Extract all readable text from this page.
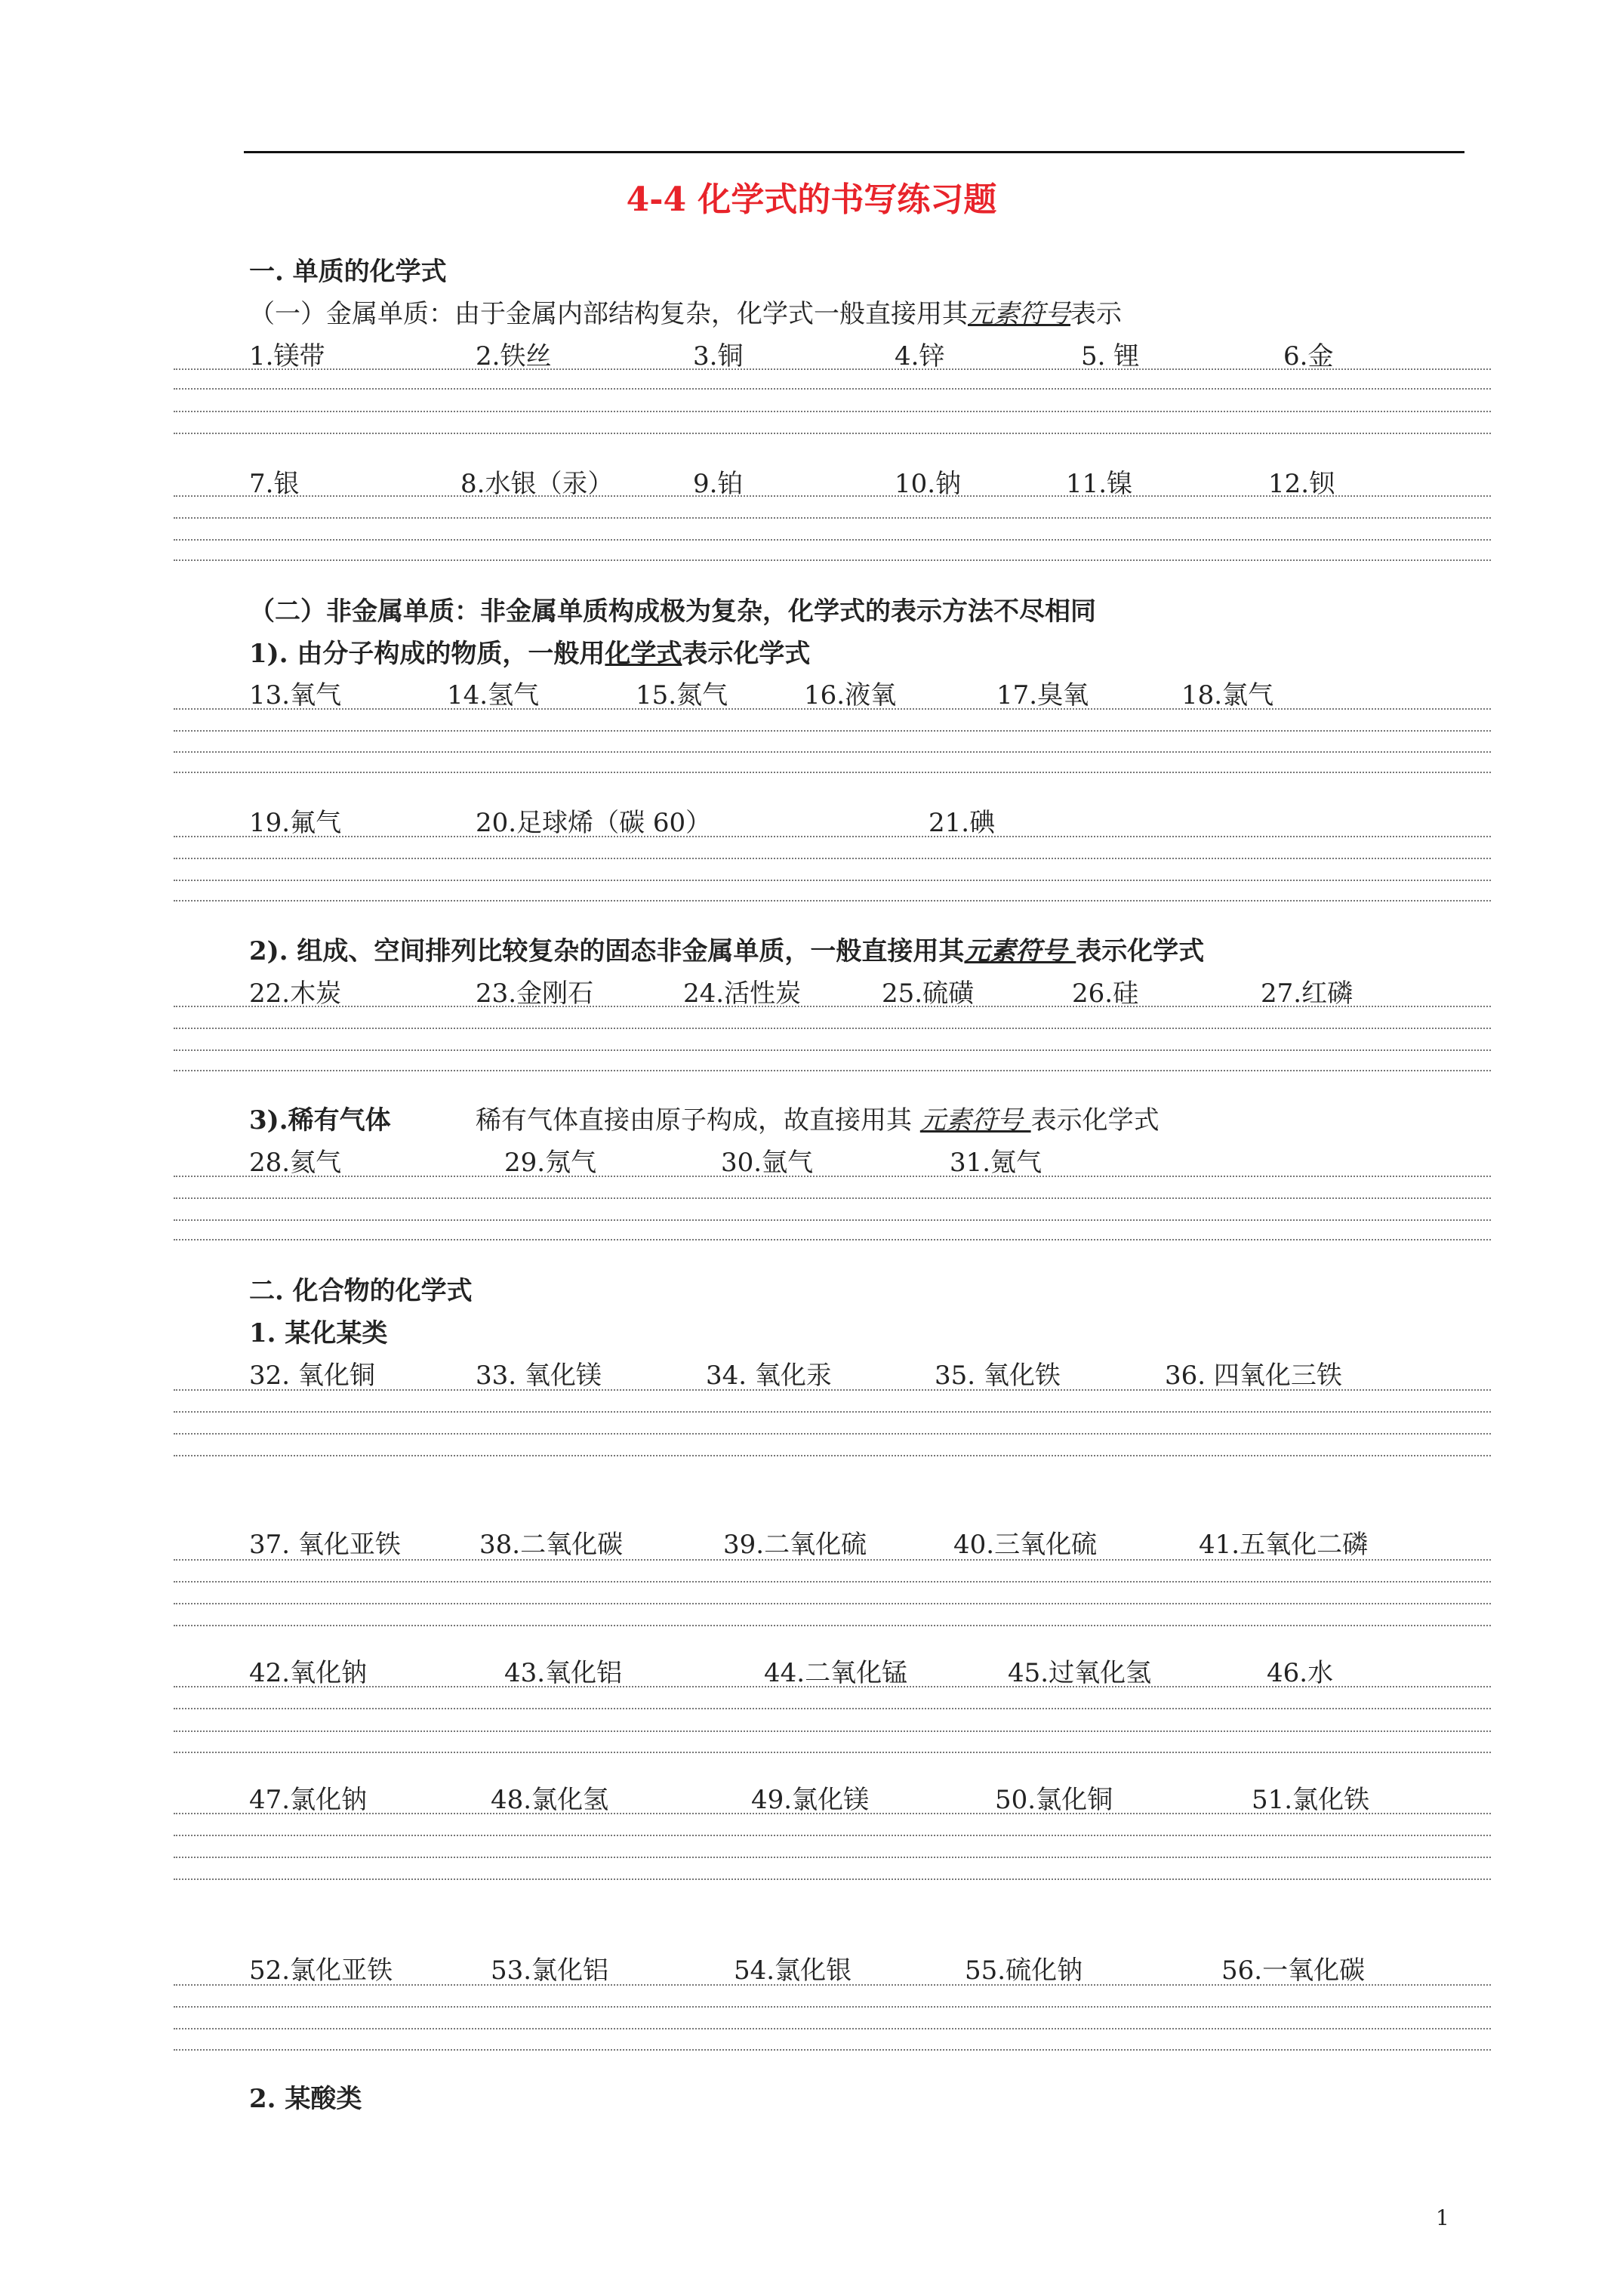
4-4 化学式的书写练习题
一. 单质的化学式
（一）金属单质：由于金属内部结构复杂，化学式一般直接用其元素符号表示
1.镁带	2.铁丝	3.铜	4.锌	5. 锂	6.金
7.银	8.水银（汞）	9.铂	10.钠	11.镍	12.钡
（二）非金属单质：非金属单质构成极为复杂，化学式的表示方法不尽相同
1). 由分子构成的物质，一般用化学式表示化学式
13.氧气	14.氢气	15.氮气	16.液氧	17.臭氧	18.氯气
19.氟气	20.足球烯（碳 60）	21.碘
2). 组成、空间排列比较复杂的固态非金属单质，一般直接用其元素符号 表示化学式
22.木炭	23.金刚石	24.活性炭	25.硫磺	26.硅	27.红磷
3).稀有气体	稀有气体直接由原子构成，故直接用其 元素符号 表示化学式
28.氦气	29.氖气	30.氩气	31.氪气
二. 化合物的化学式
1. 某化某类
32. 氧化铜	33. 氧化镁	34. 氧化汞	35. 氧化铁	36. 四氧化三铁
37. 氧化亚铁	38.二氧化碳	39.二氧化硫	40.三氧化硫	41.五氧化二磷
42.氧化钠	43.氧化铝	44.二氧化锰	45.过氧化氢	46.水
47.氯化钠	48.氯化氢	49.氯化镁	50.氯化铜	51.氯化铁
52.氯化亚铁	53.氯化铝	54.氯化银	55.硫化钠	56.一氧化碳
2. 某酸类
1
